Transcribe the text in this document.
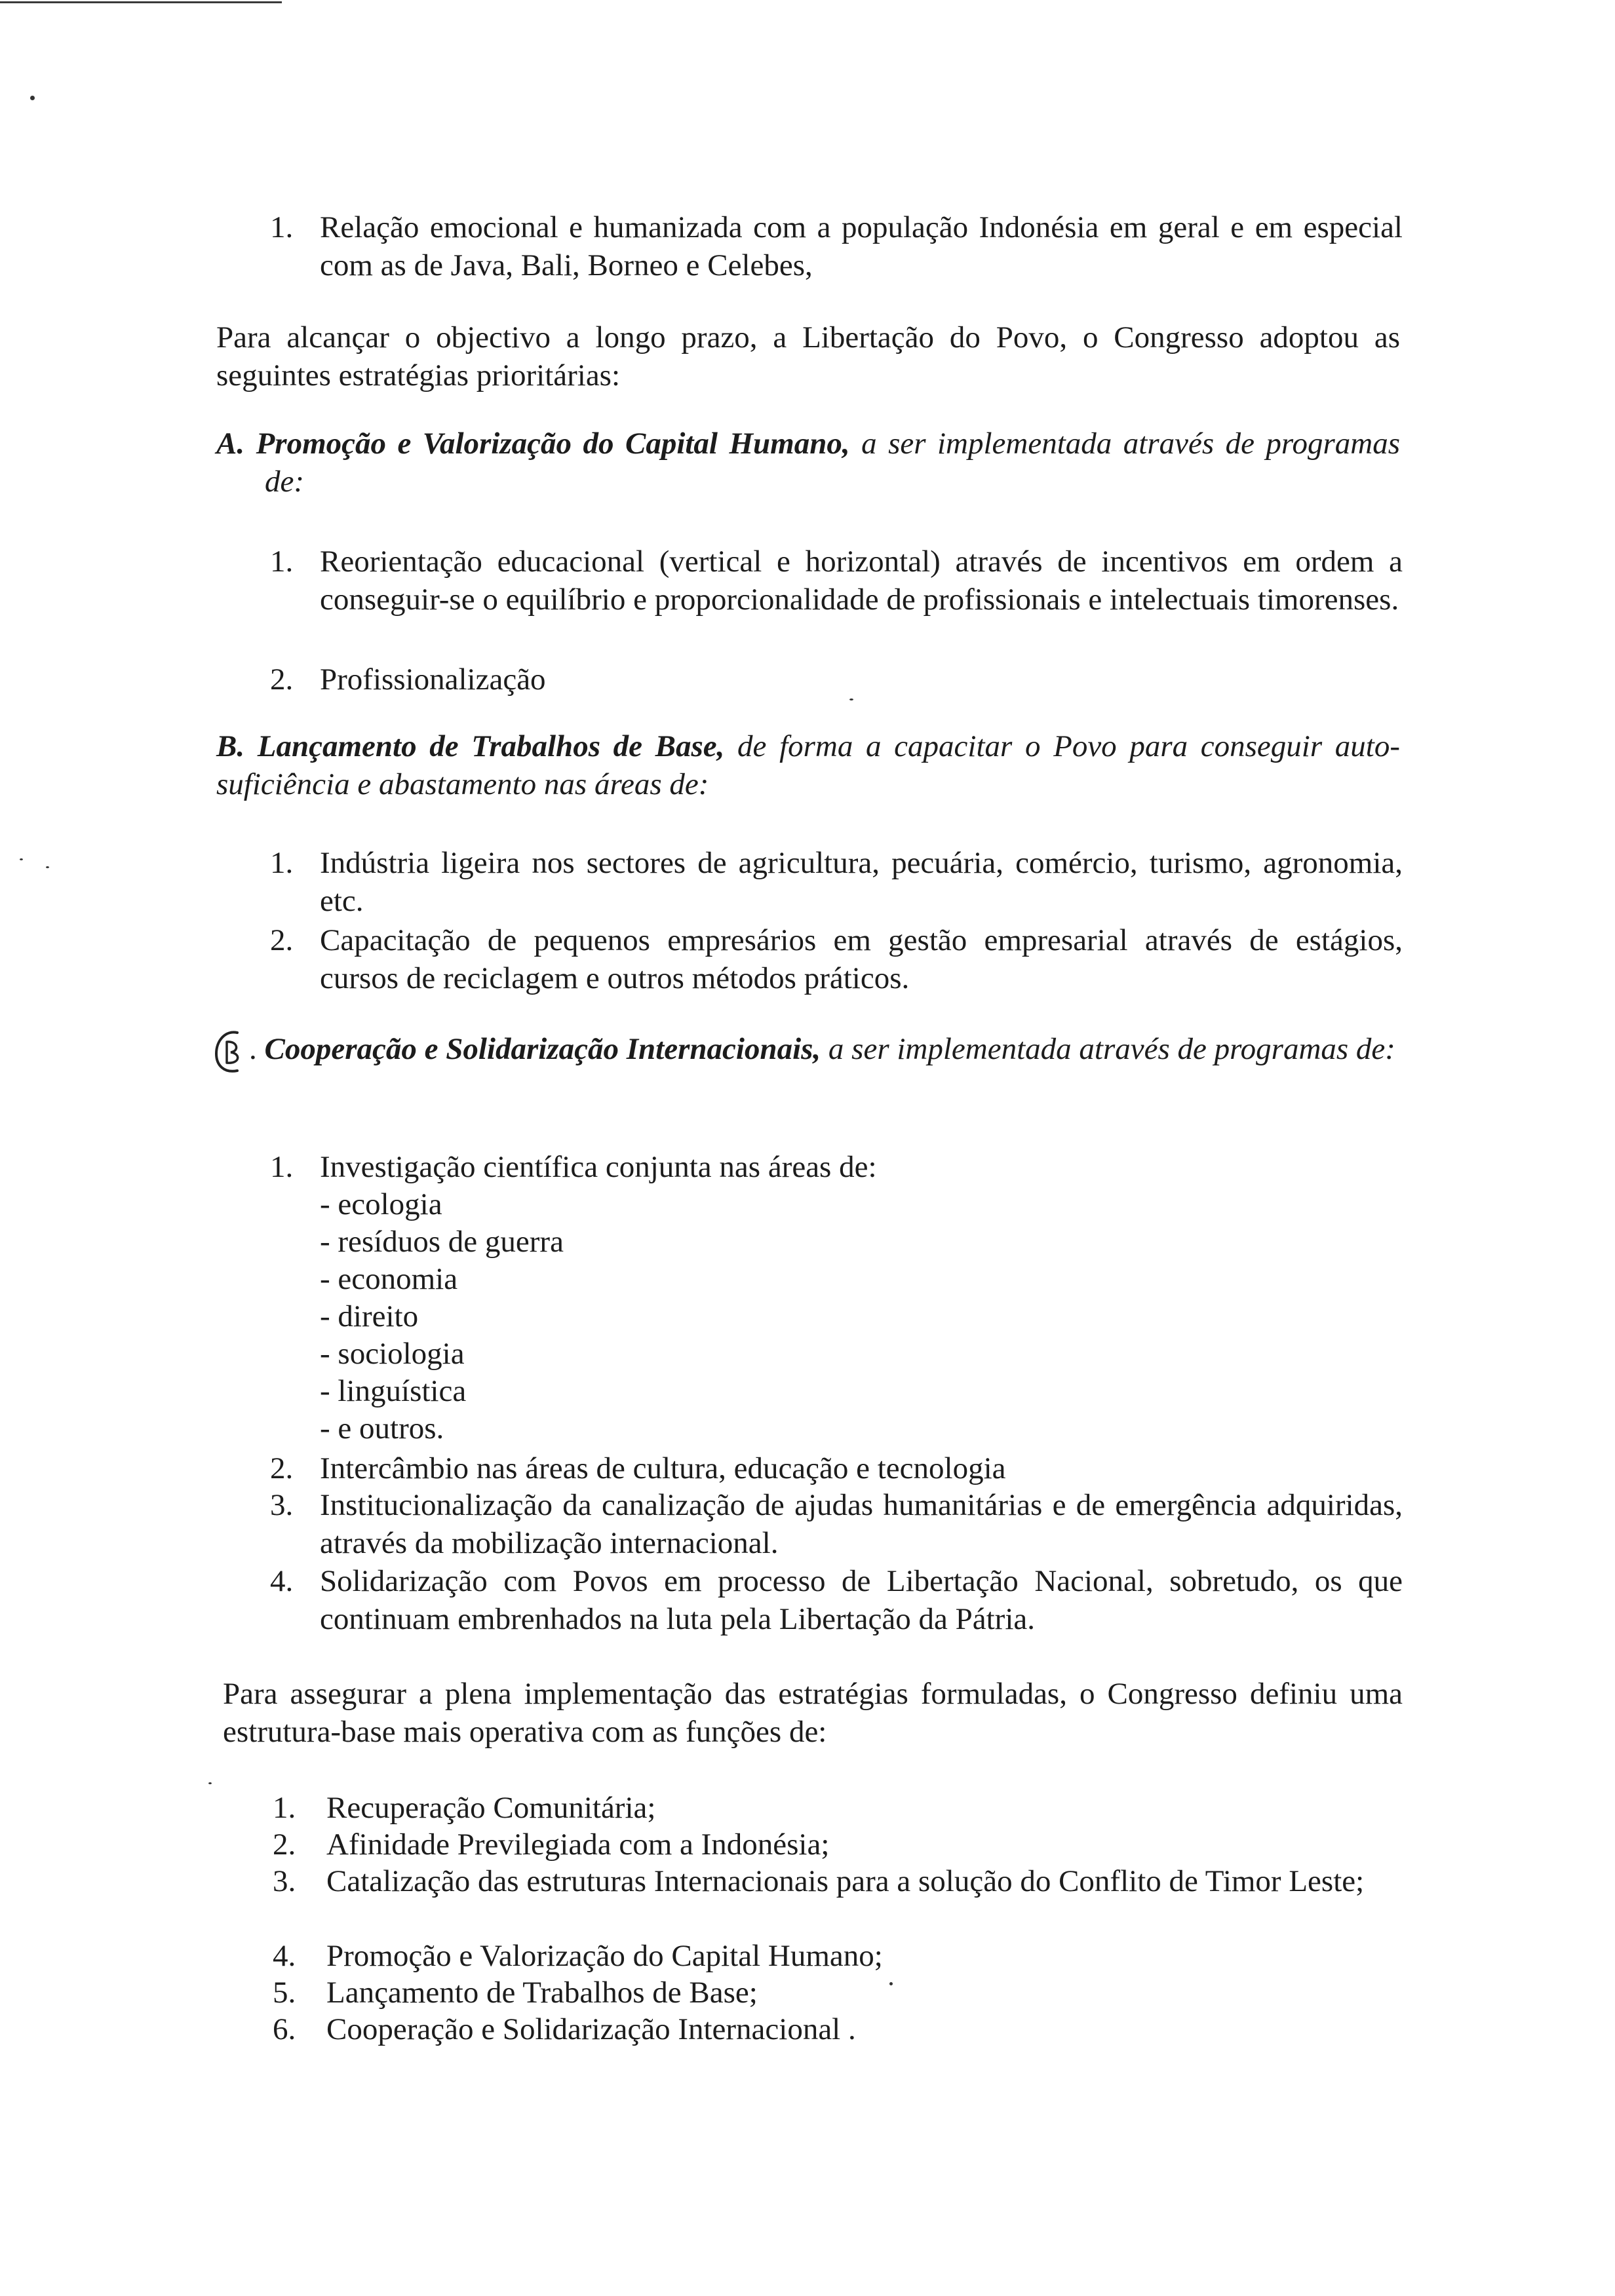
1. Relação emocional e humanizada com a população Indonésia em geral e em especial com as de Java, Bali, Borneo e Celebes,
Para alcançar o objectivo a longo prazo, a Libertação do Povo, o Congresso adoptou as seguintes estratégias prioritárias:
A. Promoção e Valorização do Capital Humano, a ser implementada através de programas de:
1. Reorientação educacional (vertical e horizontal) através de incentivos em ordem a conseguir-se o equilíbrio e proporcionalidade de profissionais e intelectuais timorenses.
2. Profissionalização
B. Lançamento de Trabalhos de Base, de forma a capacitar o Povo para conseguir auto- suficiência e abastamento nas áreas de:
1. Indústria ligeira nos sectores de agricultura, pecuária, comércio, turismo, agronomia, etc.
2. Capacitação de pequenos empresários em gestão empresarial através de estágios, cursos de reciclagem e outros métodos práticos.
. Cooperação e Solidarização Internacionais, a ser implementada através de programas de:
1. Investigação científica conjunta nas áreas de:
- ecologia
- resíduos de guerra
- economia
- direito
- sociologia
- linguística
- e outros.
2. Intercâmbio nas áreas de cultura, educação e tecnologia
3. Institucionalização da canalização de ajudas humanitárias e de emergência adquiridas, através da mobilização internacional.
4. Solidarização com Povos em processo de Libertação Nacional, sobretudo, os que continuam embrenhados na luta pela Libertação da Pátria.
Para assegurar a plena implementação das estratégias formuladas, o Congresso definiu uma estrutura-base mais operativa com as funções de:
1. Recuperação Comunitária;
2. Afinidade Previlegiada com a Indonésia;
3. Catalização das estruturas Internacionais para a solução do Conflito de Timor Leste;
4. Promoção e Valorização do Capital Humano;
5. Lançamento de Trabalhos de Base;
6. Cooperação e Solidarização Internacional .
